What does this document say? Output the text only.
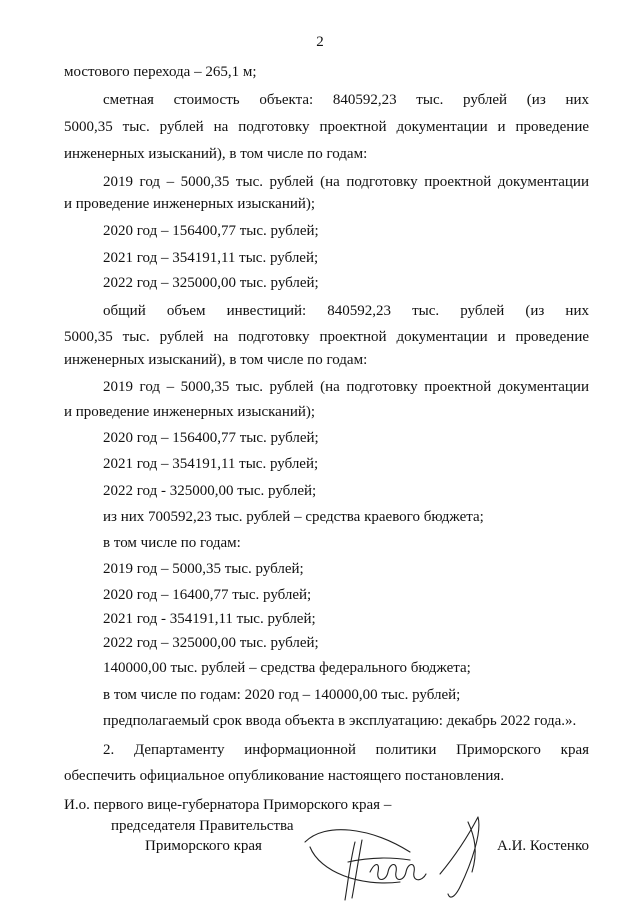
2
мостового перехода – 265,1 м;
сметная стоимость объекта: 840592,23 тыс. рублей (из них
5000,35 тыс. рублей на подготовку проектной документации и проведение
инженерных изысканий), в том числе по годам:
2019 год – 5000,35 тыс. рублей (на подготовку проектной документации
и проведение инженерных изысканий);
2020 год – 156400,77 тыс. рублей;
2021 год – 354191,11 тыс. рублей;
2022 год – 325000,00 тыс. рублей;
общий объем инвестиций: 840592,23 тыс. рублей (из них
5000,35 тыс. рублей на подготовку проектной документации и проведение
инженерных изысканий), в том числе по годам:
2019 год – 5000,35 тыс. рублей (на подготовку проектной документации
и проведение инженерных изысканий);
2020 год – 156400,77 тыс. рублей;
2021 год – 354191,11 тыс. рублей;
2022 год - 325000,00 тыс. рублей;
из них 700592,23 тыс. рублей – средства краевого бюджета;
в том числе по годам:
2019 год – 5000,35 тыс. рублей;
2020 год – 16400,77 тыс. рублей;
2021 год - 354191,11 тыс. рублей;
2022 год – 325000,00 тыс. рублей;
140000,00 тыс. рублей – средства федерального бюджета;
в том числе по годам: 2020 год – 140000,00 тыс. рублей;
предполагаемый срок ввода объекта в эксплуатацию: декабрь 2022 года.».
2. Департаменту информационной политики Приморского края
обеспечить официальное опубликование настоящего постановления.
И.о. первого вице-губернатора Приморского края –
председателя Правительства
Приморского края	А.И. Костенко
